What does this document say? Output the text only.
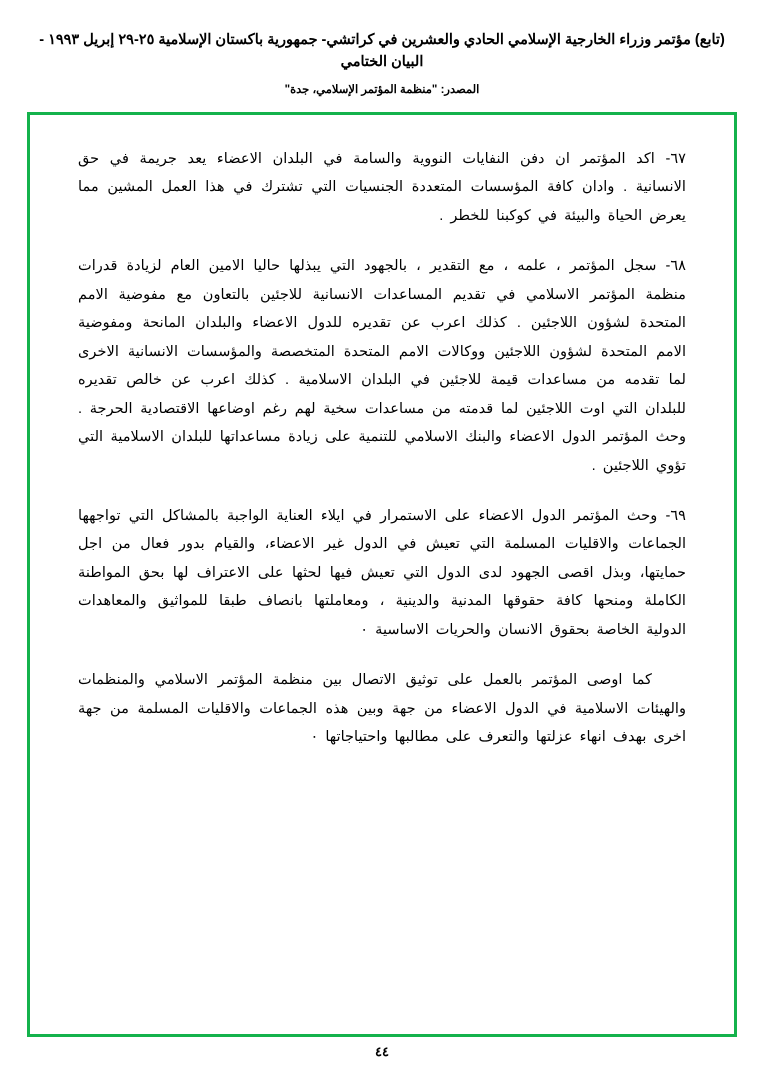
(تابع) مؤتمر وزراء الخارجية الإسلامي الحادي والعشرين في كراتشي- جمهورية باكستان الإسلامية ٢٥-٢٩ إبريل ١٩٩٣ - البيان الختامي
المصدر: "منظمة المؤتمر الإسلامي، جدة"

٦٧- اكد المؤتمر ان دفن النفايات النووية والسامة في البلدان الاعضاء يعد جريمة في حق الانسانية . وادان كافة المؤسسات المتعددة الجنسيات التي تشترك في هذا العمل المشين مما يعرض الحياة والبيئة في كوكبنا للخطر .

٦٨- سجل المؤتمر ، علمه ، مع التقدير ، بالجهود التي يبذلها حاليا الامين العام لزيادة قدرات منظمة المؤتمر الاسلامي في تقديم المساعدات الانسانية للاجئين بالتعاون مع مفوضية الامم المتحدة لشؤون اللاجئين . كذلك اعرب عن تقديره للدول الاعضاء والبلدان المانحة ومفوضية الامم المتحدة لشؤون اللاجئين ووكالات الامم المتحدة المتخصصة والمؤسسات الانسانية الاخرى لما تقدمه من مساعدات قيمة للاجئين في البلدان الاسلامية . كذلك اعرب عن خالص تقديره للبلدان التي اوت اللاجئين لما قدمته من مساعدات سخية لهم رغم اوضاعها الاقتصادية الحرجة . وحث المؤتمر الدول الاعضاء والبنك الاسلامي للتنمية على زيادة مساعداتها للبلدان الاسلامية التي تؤوي اللاجئين .

٦٩- وحث المؤتمر الدول الاعضاء على الاستمرار في ايلاء العناية الواجبة بالمشاكل التي تواجهها الجماعات والاقليات المسلمة التي تعيش في الدول غير الاعضاء، والقيام بدور فعال من اجل حمايتها، وبذل اقصى الجهود لدى الدول التي تعيش فيها لحثها على الاعتراف لها بحق المواطنة الكاملة ومنحها كافة حقوقها المدنية والدينية ، ومعاملتها بانصاف طبقا للمواثيق والمعاهدات الدولية الخاصة بحقوق الانسان والحريات الاساسية ٠

كما اوصى المؤتمر بالعمل على توثيق الاتصال بين منظمة المؤتمر الاسلامي والمنظمات والهيئات الاسلامية في الدول الاعضاء من جهة وبين هذه الجماعات والاقليات المسلمة من جهة اخرى بهدف انهاء عزلتها والتعرف على مطالبها واحتياجاتها ٠

٤٤
